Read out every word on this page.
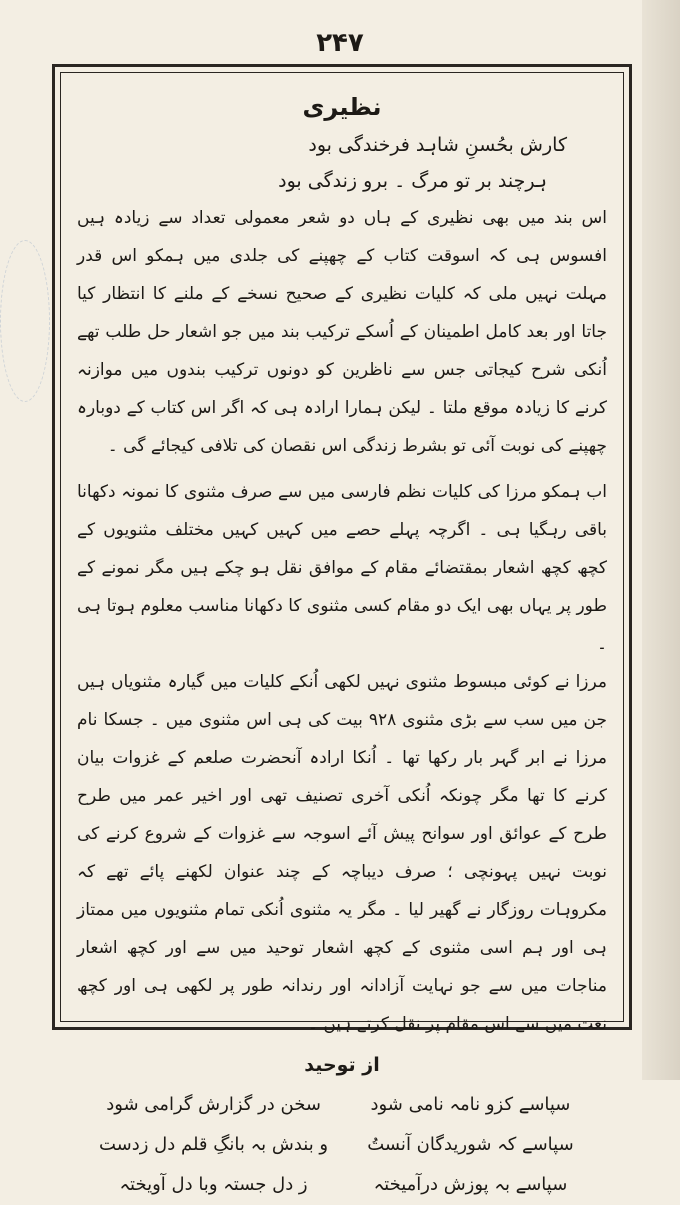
۲۴۷
نظیری
کارش بحُسنِ شاہد فرخندگی بود
ہرچند بر تو مرگ ۔ برو زندگی بود

اس بند میں بھی نظیری کے ہاں دو شعر معمولی تعداد سے زیادہ ہیں افسوس ہی کہ اسوقت کتاب کے چھپنے کی جلدی میں ہمکو اس قدر مہلت نہیں ملی کہ کلیات نظیری کے صحیح نسخے کے ملنے کا انتظار کیا جاتا اور بعد کامل اطمینان کے اُسکے ترکیب بند میں جو اشعار حل طلب تھے اُنکی شرح کیجاتی جس سے ناظرین کو دونوں ترکیب بندوں میں موازنہ کرنے کا زیادہ موقع ملتا ۔ لیکن ہمارا ارادہ ہی کہ اگر اس کتاب کے دوبارہ چھپنے کی نوبت آئی تو بشرط زندگی اس نقصان کی تلافی کیجائے گی ۔

اب ہمکو مرزا کی کلیات نظم فارسی میں سے صرف مثنوی کا نمونہ دکھانا باقی رہگیا ہی ۔ اگرچہ پہلے حصے میں کہیں کہیں مختلف مثنویوں کے کچھ کچھ اشعار بمقتضائے مقام کے موافق نقل ہو چکے ہیں مگر نمونے کے طور پر یہاں بھی ایک دو مقام کسی مثنوی کا دکھانا مناسب معلوم ہوتا ہی ۔

مرزا نے کوئی مبسوط مثنوی نہیں لکھی اُنکے کلیات میں گیارہ مثنویاں ہیں جن میں سب سے بڑی مثنوی ۹۲۸ بیت کی ہی اس مثنوی میں ۔ جسکا نام مرزا نے ابر گہر بار رکھا تھا ۔ اُنکا ارادہ آنحضرت صلعم کے غزوات بیان کرنے کا تھا مگر چونکہ اُنکی آخری تصنیف تھی اور اخیر عمر میں طرح طرح کے عوائق اور سوانح پیش آئے اسوجہ سے غزوات کے شروع کرنے کی نوبت نہیں پہونچی ؛ صرف دیباچہ کے چند عنوان لکھنے پائے تھے کہ مکروہات روزگار نے گھیر لیا ۔ مگر یہ مثنوی اُنکی تمام مثنویوں میں ممتاز ہی اور ہم اسی مثنوی کے کچھ اشعار توحید میں سے اور کچھ اشعار مناجات میں سے جو نہایت آزادانہ اور رندانہ طور پر لکھی ہی اور کچھ نعت میں سے اس مقام پر نقل کرتے ہیں ۔

از توحید
سپاسے کزو نامہ نامی شود
سخن در گزارش گرامی شود
سپاسے کہ شوریدگان آنستُ
و بندش بہ بانگِ قلم دل زدست
سپاسے بہ پوزش درآمیختہ
ز دل جستہ وبا دل آویختہ
